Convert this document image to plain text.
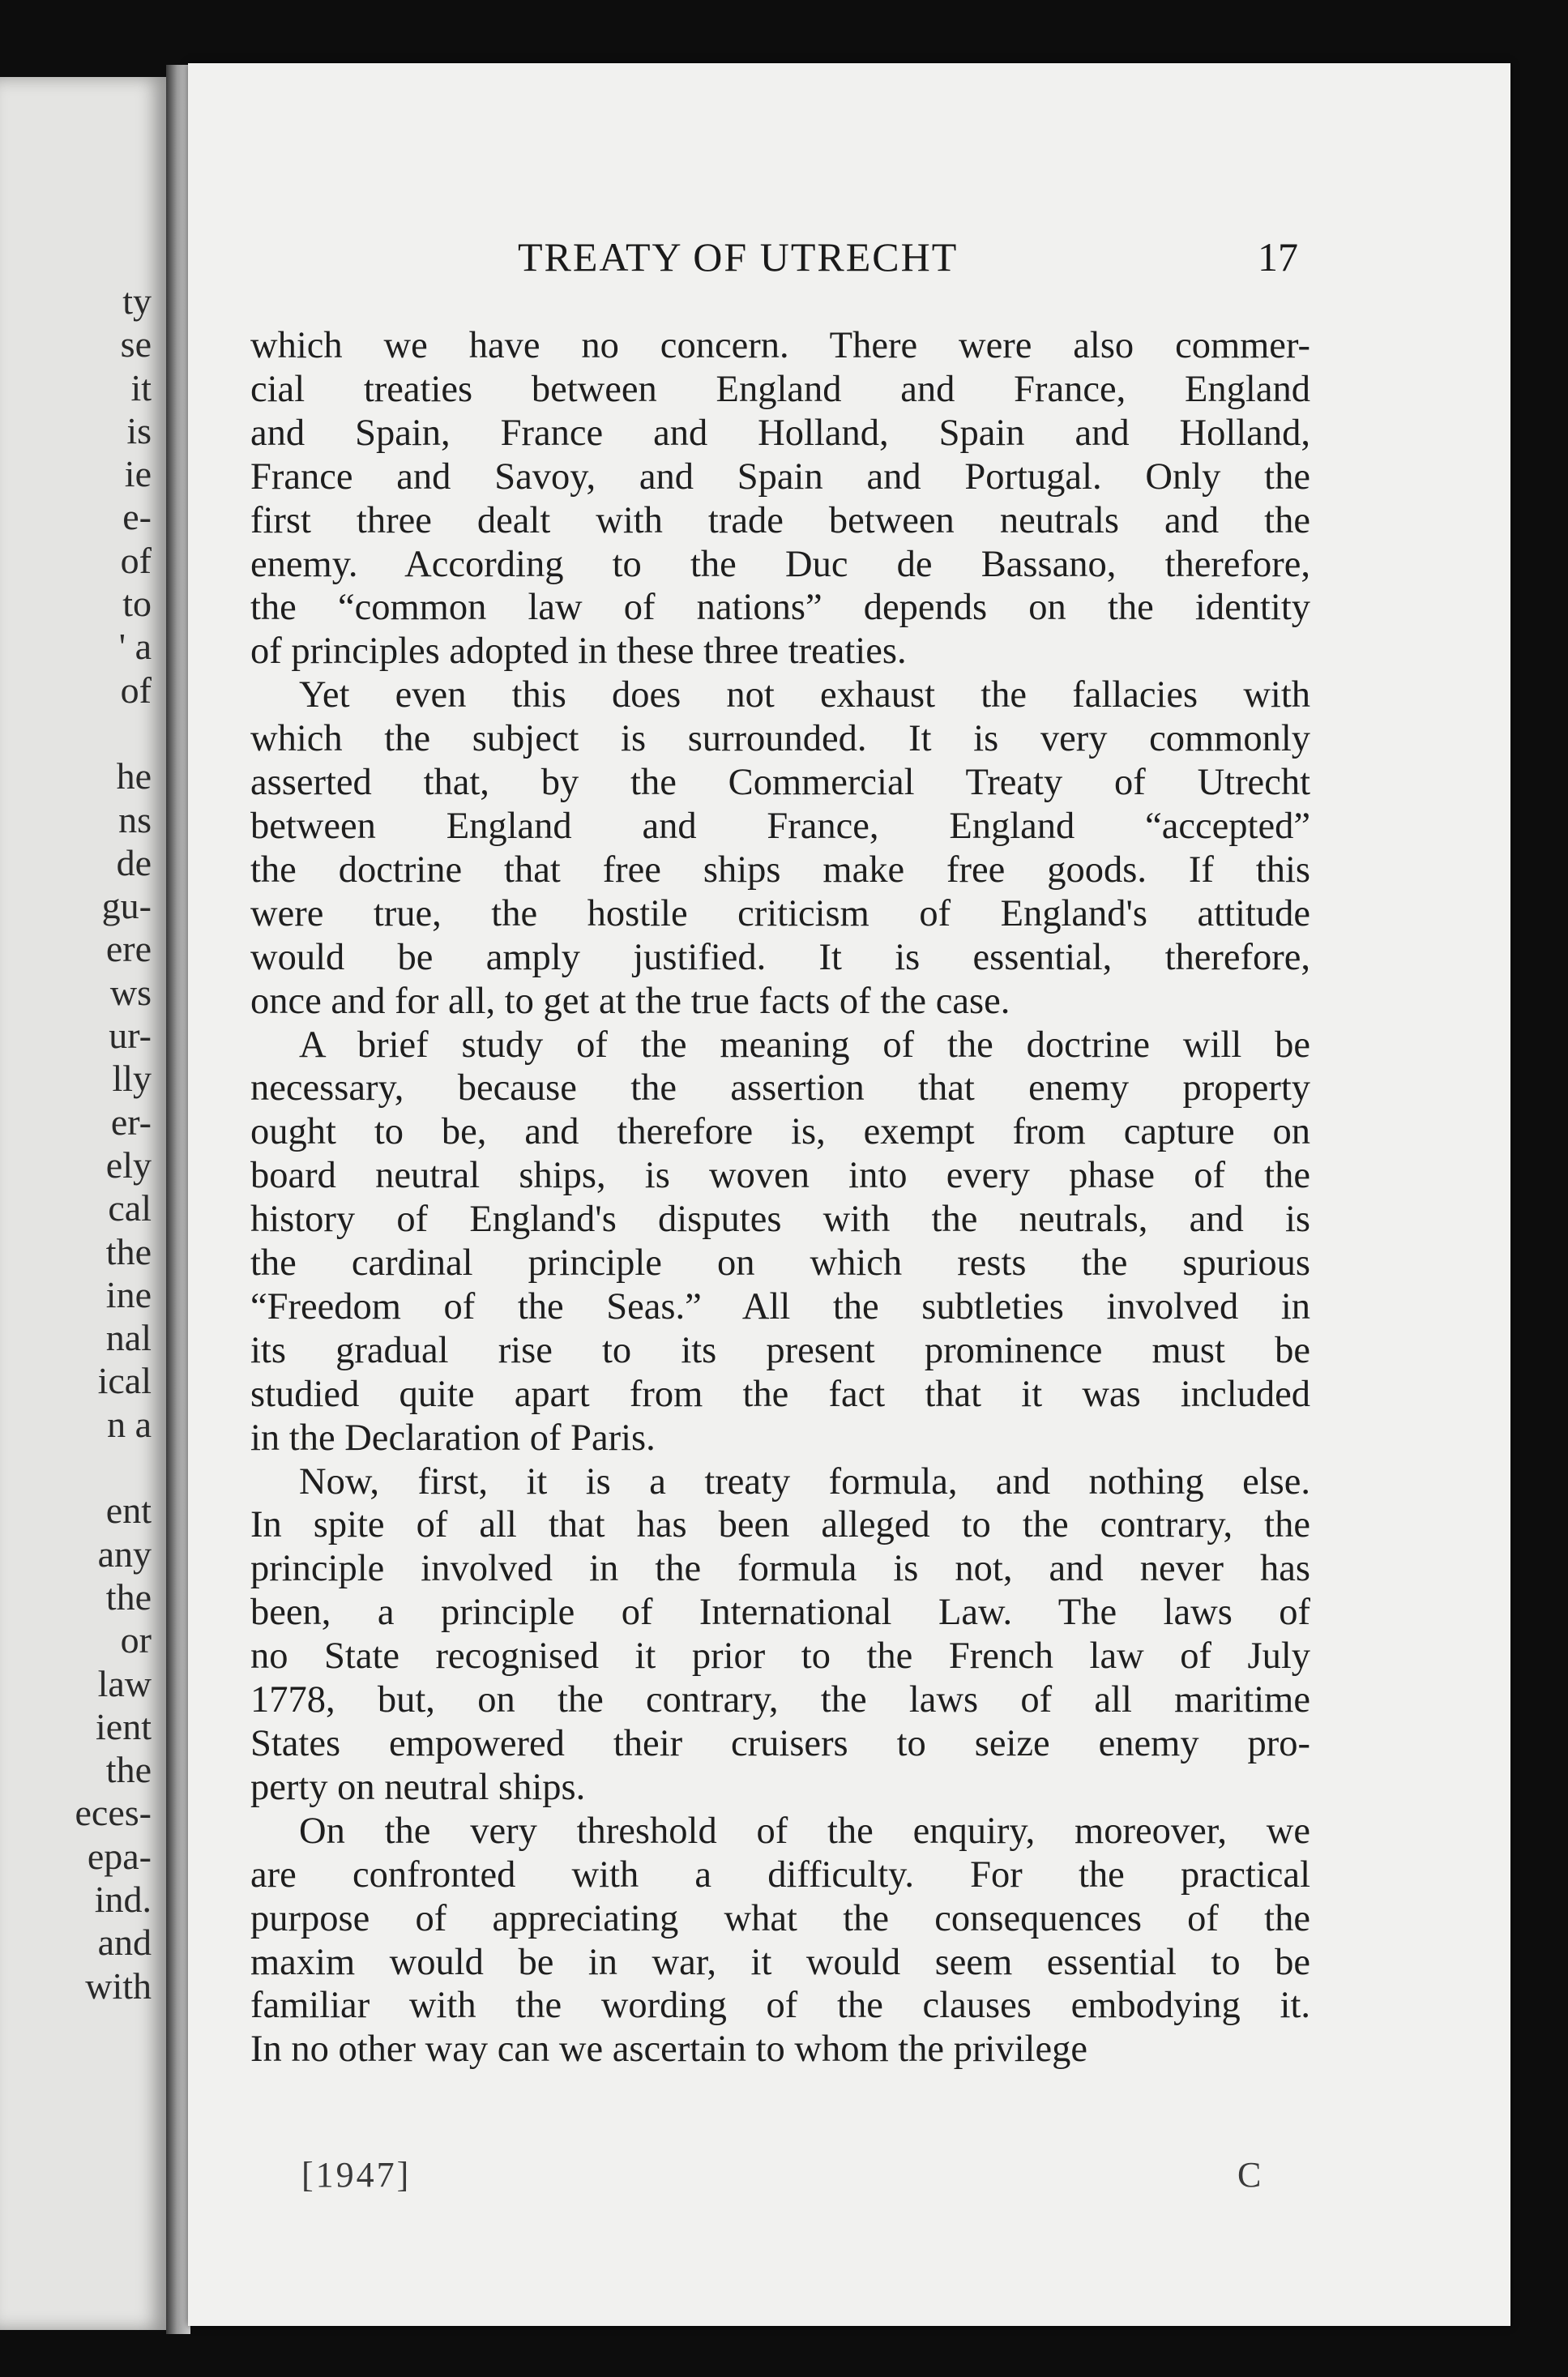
ty
se
it
is
ie
e-
of
to
' a
of

he
ns
de
gu-
ere
ws
ur-
lly
er-
ely
cal
the
ine
nal
ical
n a

ent
any
the
or
law
ient
the
eces-
epa-
ind.
and
with
TREATY OF UTRECHT	17
which we have no concern. There were also commer-
cial treaties between England and France, England
and Spain, France and Holland, Spain and Holland,
France and Savoy, and Spain and Portugal. Only the
first three dealt with trade between neutrals and the
enemy. According to the Duc de Bassano, therefore,
the “common law of nations” depends on the identity
of principles adopted in these three treaties.
Yet even this does not exhaust the fallacies with
which the subject is surrounded. It is very commonly
asserted that, by the Commercial Treaty of Utrecht
between England and France, England “accepted”
the doctrine that free ships make free goods. If this
were true, the hostile criticism of England's attitude
would be amply justified. It is essential, therefore,
once and for all, to get at the true facts of the case.
A brief study of the meaning of the doctrine will be
necessary, because the assertion that enemy property
ought to be, and therefore is, exempt from capture on
board neutral ships, is woven into every phase of the
history of England's disputes with the neutrals, and is
the cardinal principle on which rests the spurious
“Freedom of the Seas.” All the subtleties involved in
its gradual rise to its present prominence must be
studied quite apart from the fact that it was included
in the Declaration of Paris.
Now, first, it is a treaty formula, and nothing else.
In spite of all that has been alleged to the contrary, the
principle involved in the formula is not, and never has
been, a principle of International Law. The laws of
no State recognised it prior to the French law of July
1778, but, on the contrary, the laws of all maritime
States empowered their cruisers to seize enemy pro-
perty on neutral ships.
On the very threshold of the enquiry, moreover, we
are confronted with a difficulty. For the practical
purpose of appreciating what the consequences of the
maxim would be in war, it would seem essential to be
familiar with the wording of the clauses embodying it.
In no other way can we ascertain to whom the privilege
[1947]	C
